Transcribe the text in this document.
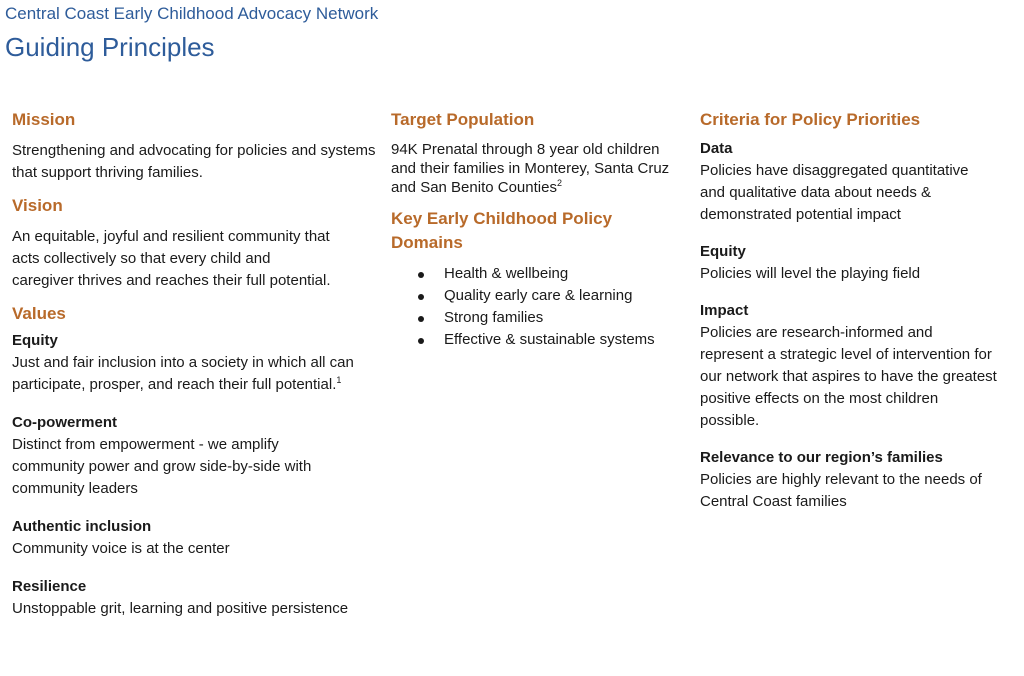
Central Coast Early Childhood Advocacy Network
Guiding Principles
Mission

Strengthening and advocating for policies and systems that support thriving families.

Vision

An equitable, joyful and resilient community that acts collectively so that every child and caregiver thrives and reaches their full potential.

Values

Equity

Just and fair inclusion into a society in which all can participate, prosper, and reach their full potential.$^1$

Co-powerment

Distinct from empowerment - we amplify community power and grow side-by-side with community leaders

Authentic inclusion

Community voice is at the center

Resilience

Unstoppable grit, learning and positive persistence

Target Population

94K Prenatal through 8 year old children and their families in Monterey, Santa Cruz and San Benito Counties$^2$

Key Early Childhood Policy Domains
Health & wellbeing
Quality early care & learning
Strong families
Effective & sustainable systems
Criteria for Policy Priorities

Data

Policies have disaggregated quantitative and qualitative data about needs & demonstrated potential impact

Equity

Policies will level the playing field

Impact

Policies are research-informed and represent a strategic level of intervention for our network that aspires to have the greatest positive effects on the most children possible.

Relevance to our region’s families

Policies are highly relevant to the needs of Central Coast families
